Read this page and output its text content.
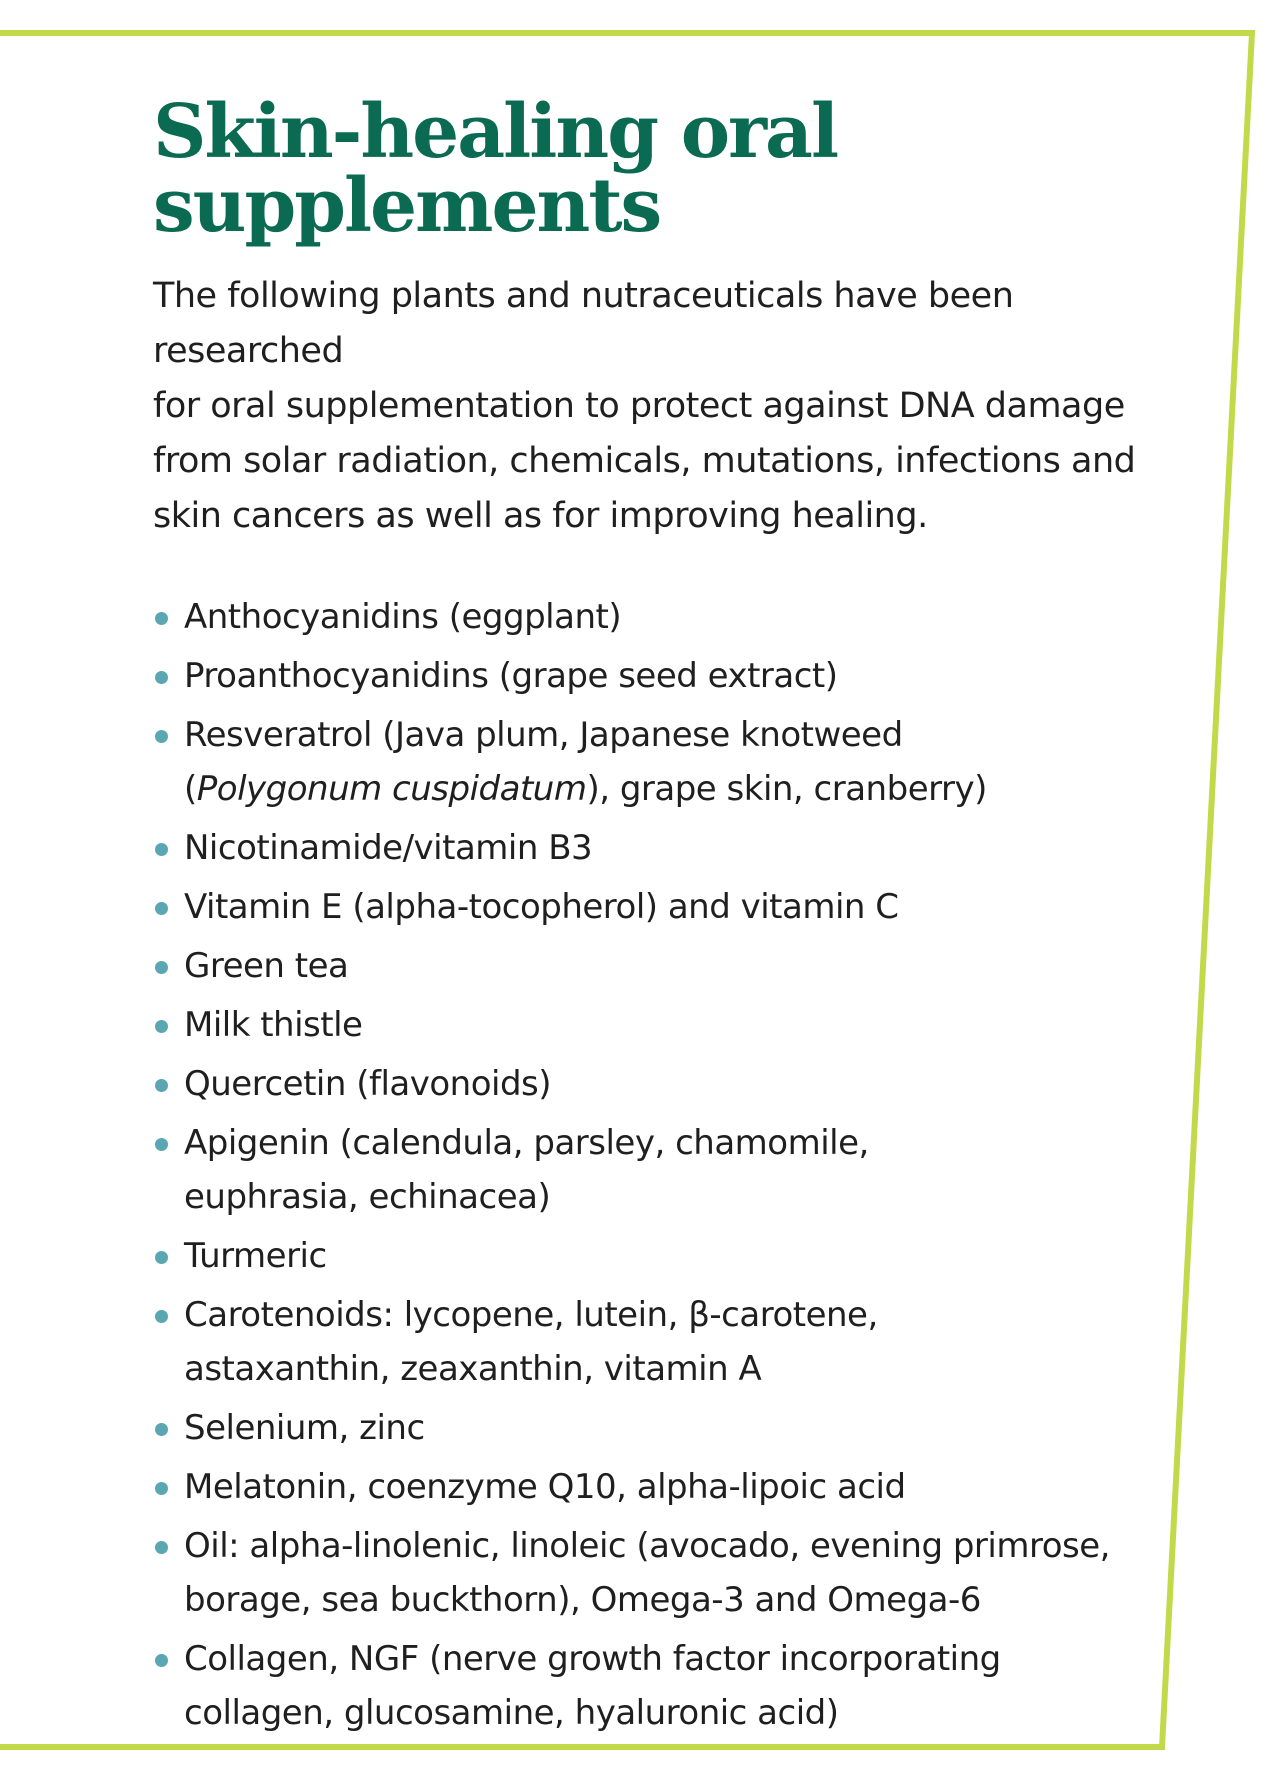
Skin-healing oral
supplements

The following plants and nutraceuticals have been researched
for oral supplementation to protect against DNA damage
from solar radiation, chemicals, mutations, infections and
skin cancers as well as for improving healing.

Anthocyanidins (eggplant)
Proanthocyanidins (grape seed extract)
Resveratrol (Java plum, Japanese knotweed
(Polygonum cuspidatum), grape skin, cranberry)
Nicotinamide/vitamin B3
Vitamin E (alpha-tocopherol) and vitamin C
Green tea
Milk thistle
Quercetin (flavonoids)
Apigenin (calendula, parsley, chamomile,
euphrasia, echinacea)
Turmeric
Carotenoids: lycopene, lutein, β-carotene,
astaxanthin, zeaxanthin, vitamin A
Selenium, zinc
Melatonin, coenzyme Q10, alpha-lipoic acid
Oil: alpha-linolenic, linoleic (avocado, evening primrose,
borage, sea buckthorn), Omega-3 and Omega-6
Collagen, NGF (nerve growth factor incorporating
collagen, glucosamine, hyaluronic acid)
